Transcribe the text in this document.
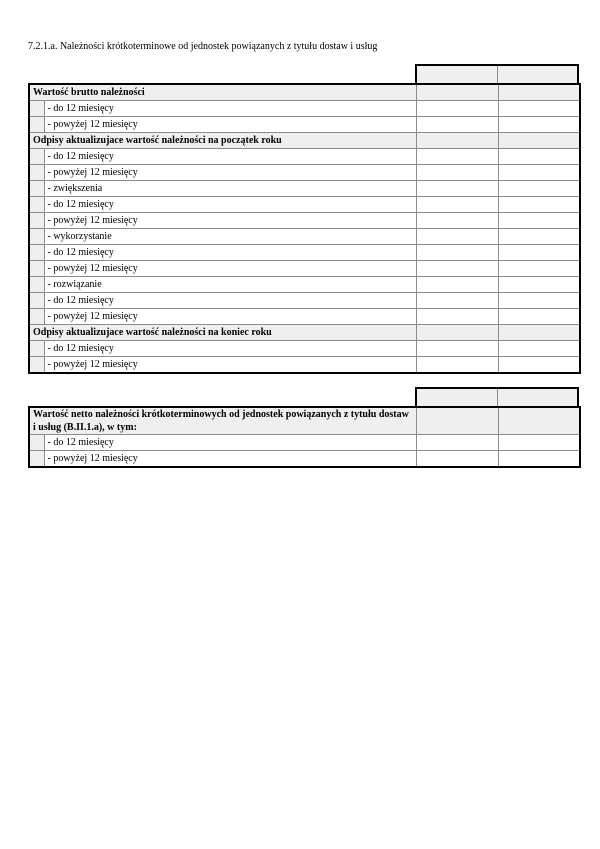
7.2.1.a. Należności krótkoterminowe od jednostek powiązanych z tytułu dostaw i usług
Wartość brutto należności			
	- do 12 miesięcy		
	- powyżej 12 miesięcy		
Odpisy aktualizujace wartość należności na początek roku			
	- do 12 miesięcy		
	- powyżej 12 miesięcy		
	- zwiększenia		
	- do 12 miesięcy		
	- powyżej 12 miesięcy		
	- wykorzystanie		
	- do 12 miesięcy		
	- powyżej 12 miesięcy		
	- rozwiązanie		
	- do 12 miesięcy		
	- powyżej 12 miesięcy		
Odpisy aktualizujace wartość należności na koniec roku			
	- do 12 miesięcy		
	- powyżej 12 miesięcy		
Wartość netto należności krótkoterminowych od jednostek powiązanych z tytułu dostaw i usług (B.II.1.a), w tym:			
	- do 12 miesięcy		
	- powyżej 12 miesięcy		
